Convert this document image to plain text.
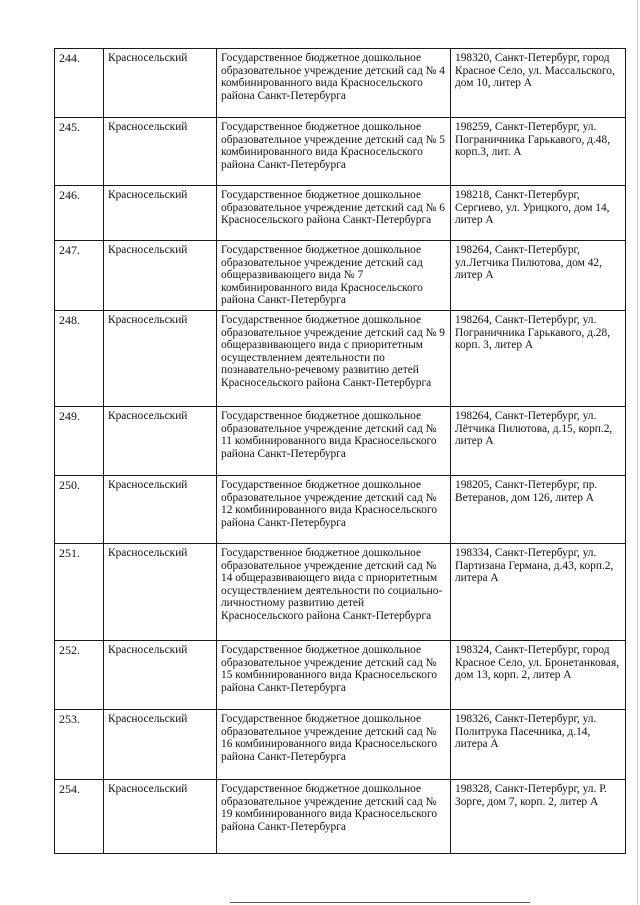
244.	Красносельский	Государственное бюджетное дошкольное образовательное учреждение детский сад № 4 комбинированного вида Красносельского района Санкт-Петербурга	198320, Санкт-Петербург, город Красное Село, ул. Массальского, дом 10, литер А
245.	Красносельский	Государственное бюджетное дошкольное образовательное учреждение детский сад № 5 комбинированного вида Красносельского района Санкт-Петербурга	198259, Санкт-Петербург, ул. Пограничника Гарькавого, д.48, корп.3, лит. А
246.	Красносельский	Государственное бюджетное дошкольное образовательное учреждение детский сад № 6 Красносельского района Санкт-Петербурга	198218, Санкт-Петербург, Сергиево, ул. Урицкого, дом 14, литер А
247.	Красносельский	Государственное бюджетное дошкольное образовательное учреждение детский сад общеразвивающего вида № 7 комбинированного вида Красносельского района Санкт-Петербурга	198264, Санкт-Петербург, ул.Летчика Пилютова, дом 42, литер А
248.	Красносельский	Государственное бюджетное дошкольное образовательное учреждение детский сад № 9 общеразвивающего вида с приоритетным осуществлением деятельности по познавательно-речевому развитию детей Красносельского района Санкт-Петербурга	198264, Санкт-Петербург, ул. Пограничника Гарькавого, д.28, корп. 3, литер А
249.	Красносельский	Государственное бюджетное дошкольное образовательное учреждение детский сад № 11 комбинированного вида Красносельского района Санкт-Петербурга	198264, Санкт-Петербург, ул. Лётчика Пилютова, д.15, корп.2, литер А
250.	Красносельский	Государственное бюджетное дошкольное образовательное учреждение детский сад № 12 комбинированного вида Красносельского района Санкт-Петербурга	198205, Санкт-Петербург, пр. Ветеранов, дом 126, литер А
251.	Красносельский	Государственное бюджетное дошкольное образовательное учреждение детский сад № 14 общеразвивающего вида с приоритетным осуществлением деятельности по социально-личностному развитию детей Красносельского района Санкт-Петербурга	198334, Санкт-Петербург, ул. Партизана Германа, д.43, корп.2, литера А
252.	Красносельский	Государственное бюджетное дошкольное образовательное учреждение детский сад № 15 комбинированного вида Красносельского района Санкт-Петербурга	198324, Санкт-Петербург, город Красное Село, ул. Бронетанковая, дом 13, корп. 2, литер А
253.	Красносельский	Государственное бюджетное дошкольное образовательное учреждение детский сад № 16 комбинированного вида Красносельского района Санкт-Петербурга	198326, Санкт-Петербург, ул. Политрука Пасечника, д.14, литера А
254.	Красносельский	Государственное бюджетное дошкольное образовательное учреждение детский сад № 19 комбинированного вида Красносельского района Санкт-Петербурга	198328, Санкт-Петербург, ул. Р. Зорге, дом 7, корп. 2, литер А
